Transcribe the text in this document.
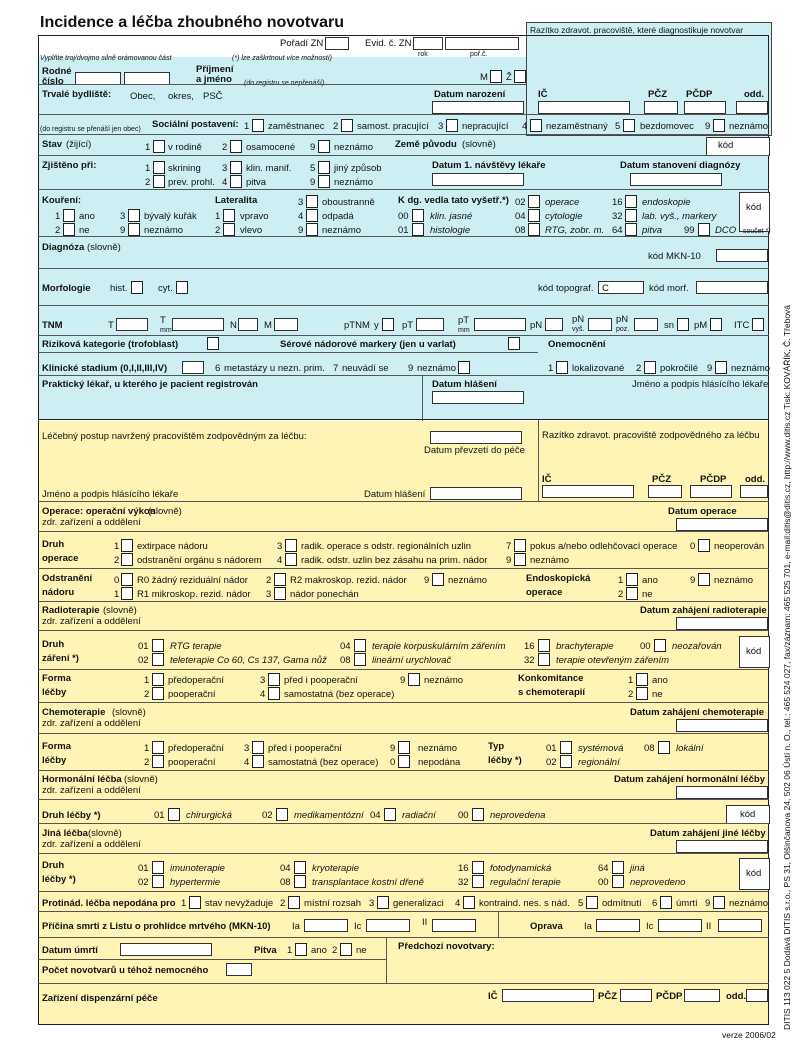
Incidence a léčba zhoubného novotvaru
Pořadí ZN	Evid. č. ZN
rok	poř.č.
Vyplňte troj/dvojmo silně orámovanou část	(*) lze zaškrtnout více možností)
Razítko zdravot. pracoviště, které diagnostikuje novotvar
Rodné
číslo
Příjmení
a jméno (do registru se nepřenáší)
M Ž
Trvalé bydliště: Obec, okres, PSČ	Datum narození	IČ	PČZ PČDP	odd.
(do registru se přenáší jen obec) Sociální postavení: 1 zaměstnanec 2 samost. pracující 3 nepracující 4 nezaměstnaný 5 bezdomovec 9 neznámo
Stav (žijící)	1 v rodině 2 osamocené 9 neznámo Země původu (slovně)	kód
Zjištěno při:	1 skrining 3 klin. manif. 5 jiný způsob
2 prev. prohl. 4 pitva	9 neznámo
Datum 1. návštěvy lékaře	Datum stanovení diagnózy
Kouření:
1 ano	3 bývalý kuřák
2 ne	9 neznámo
Lateralita	3 oboustranně
1 vpravo	4 odpadá
2 vlevo	9 neznámo
K dg. vedla tato vyšetř.*) 02 operace	16 endoskopie
00 klin. jasné	04 cytologie	32 lab. vyš., markery
01 histologie	08 RTG, zobr. m. 64 pitva 99 DCO
kód
součet *)
Diagnóza (slovně)
kód MKN-10
Morfologie hist.	cyt.	kód topograf. C	kód morf.
TNM	T	T
mm	N	M	pTNM y pT	pT
mm	pN
pN
vyš.
pN
poz.	sn pM	ITC
Riziková kategorie (trofoblast)	Sérové nádorové markery (jen u varlat)	Onemocnění
Klinické stadium (0,I,II,III,IV)	6 metastázy u nezn. prim. 7 neuvádí se 9 neznámo	1 lokalizované 2 pokročilé 9 neznámo
Praktický lékař, u kterého je pacient registrován	Datum hlášení	Jméno a podpis hlásícího lékaře
Léčebný postup navržený pracovištěm zodpovědným za léčbu:
Datum převzetí do péče
Razítko zdravot. pracoviště zodpovědného za léčbu
IČ	PČZ	PČDP odd.
Jméno a podpis hlásícího lékaře	Datum hlášení
Operace: operační výkon
(slovně)
zdr. zařízení a oddělení
Datum operace
Druh
operace
1 extirpace nádoru	3 radik. operace s odstr. regionálních uzlin	7 pokus a/nebo odlehčovací operace 0 neoperován
2 odstranění orgánu s nádorem 4 radik. odstr. uzlin bez zásahu na prim. nádor 9 neznámo
Odstranění
nádoru
0 R0 žádný reziduální nádor 2 R2 makroskop. rezid. nádor 9 neznámo
1 R1 mikroskop. rezid. nádor 3 nádor ponechán
Endoskopická
operace
1 ano	9 neznámo
2 ne
Radioterapie (slovně)
zdr. zařízení a oddělení
Datum zahájení radioterapie
Druh
záření *)
01 RTG terapie	04 terapie korpuskulárním zářením 16 brachyterapie	00 neozařován
02 teleterapie Co 60, Cs 137, Gama nůž 08 lineární urychlovač	32 terapie otevřeným zářením
kód
Forma
léčby
1 předoperační	3 před i pooperační	9 neznámo
2 pooperační	4 samostatná (bez operace)
Konkomitance
s chemoterapií
1 ano
2 ne
Chemoterapie (slovně)
zdr. zařízení a oddělení
Datum zahájení chemoterapie
Forma
léčby
1 předoperační 3 před i pooperační	9 neznámo
2 pooperační	4 samostatná (bez operace) 0 nepodána
Typ
léčby *)
01 systémová 08 lokální
02 regionální
Hormonální léčba (slovně)
zdr. zařízení a oddělení
Datum zahájení hormonální léčby
Druh léčby *)	01 chirurgická	02 medikamentózní 04 radiační 00 neprovedena	kód
Jiná léčba (slovně)
zdr. zařízení a oddělení
Datum zahájení jiné léčby
Druh
léčby *)
01 imunoterapie	04 kryoterapie	16 fotodynamická	64 jiná
02 hypertermie	08 transplantace kostní dřeně	32 regulační terapie	00 neprovedeno
kód
Protinád. léčba nepodána pro 1 stav nevyžaduje 2 místní rozsah 3 generalizaci 4 kontraind. nes. s nád. 5 odmítnutí 6 úmrtí 9 neznámo
Příčina smrti z Listu o prohlídce mrtvého (MKN-10) Ia	Ic	II	Oprava Ia	Ic	II
Datum úmrtí	Pitva 1 ano 2 ne	Předchozí novotvary:
Počet novotvarů u téhož nemocného
Zařízení dispenzární péče	IČ	PČZ	PČDP	odd.	DITIS 113 022 5 Dodává DITIS s.r.o., PS 31, Olšinčanova 24, 502 06 Ústí n. O., tel.: 465 524 027, fax/záznam: 465 525 701, e-mail:ditis@ditis.cz, http://www.ditis.cz Tisk: KOVÁŘÍK, Č. Třebová
verze 2006/02
